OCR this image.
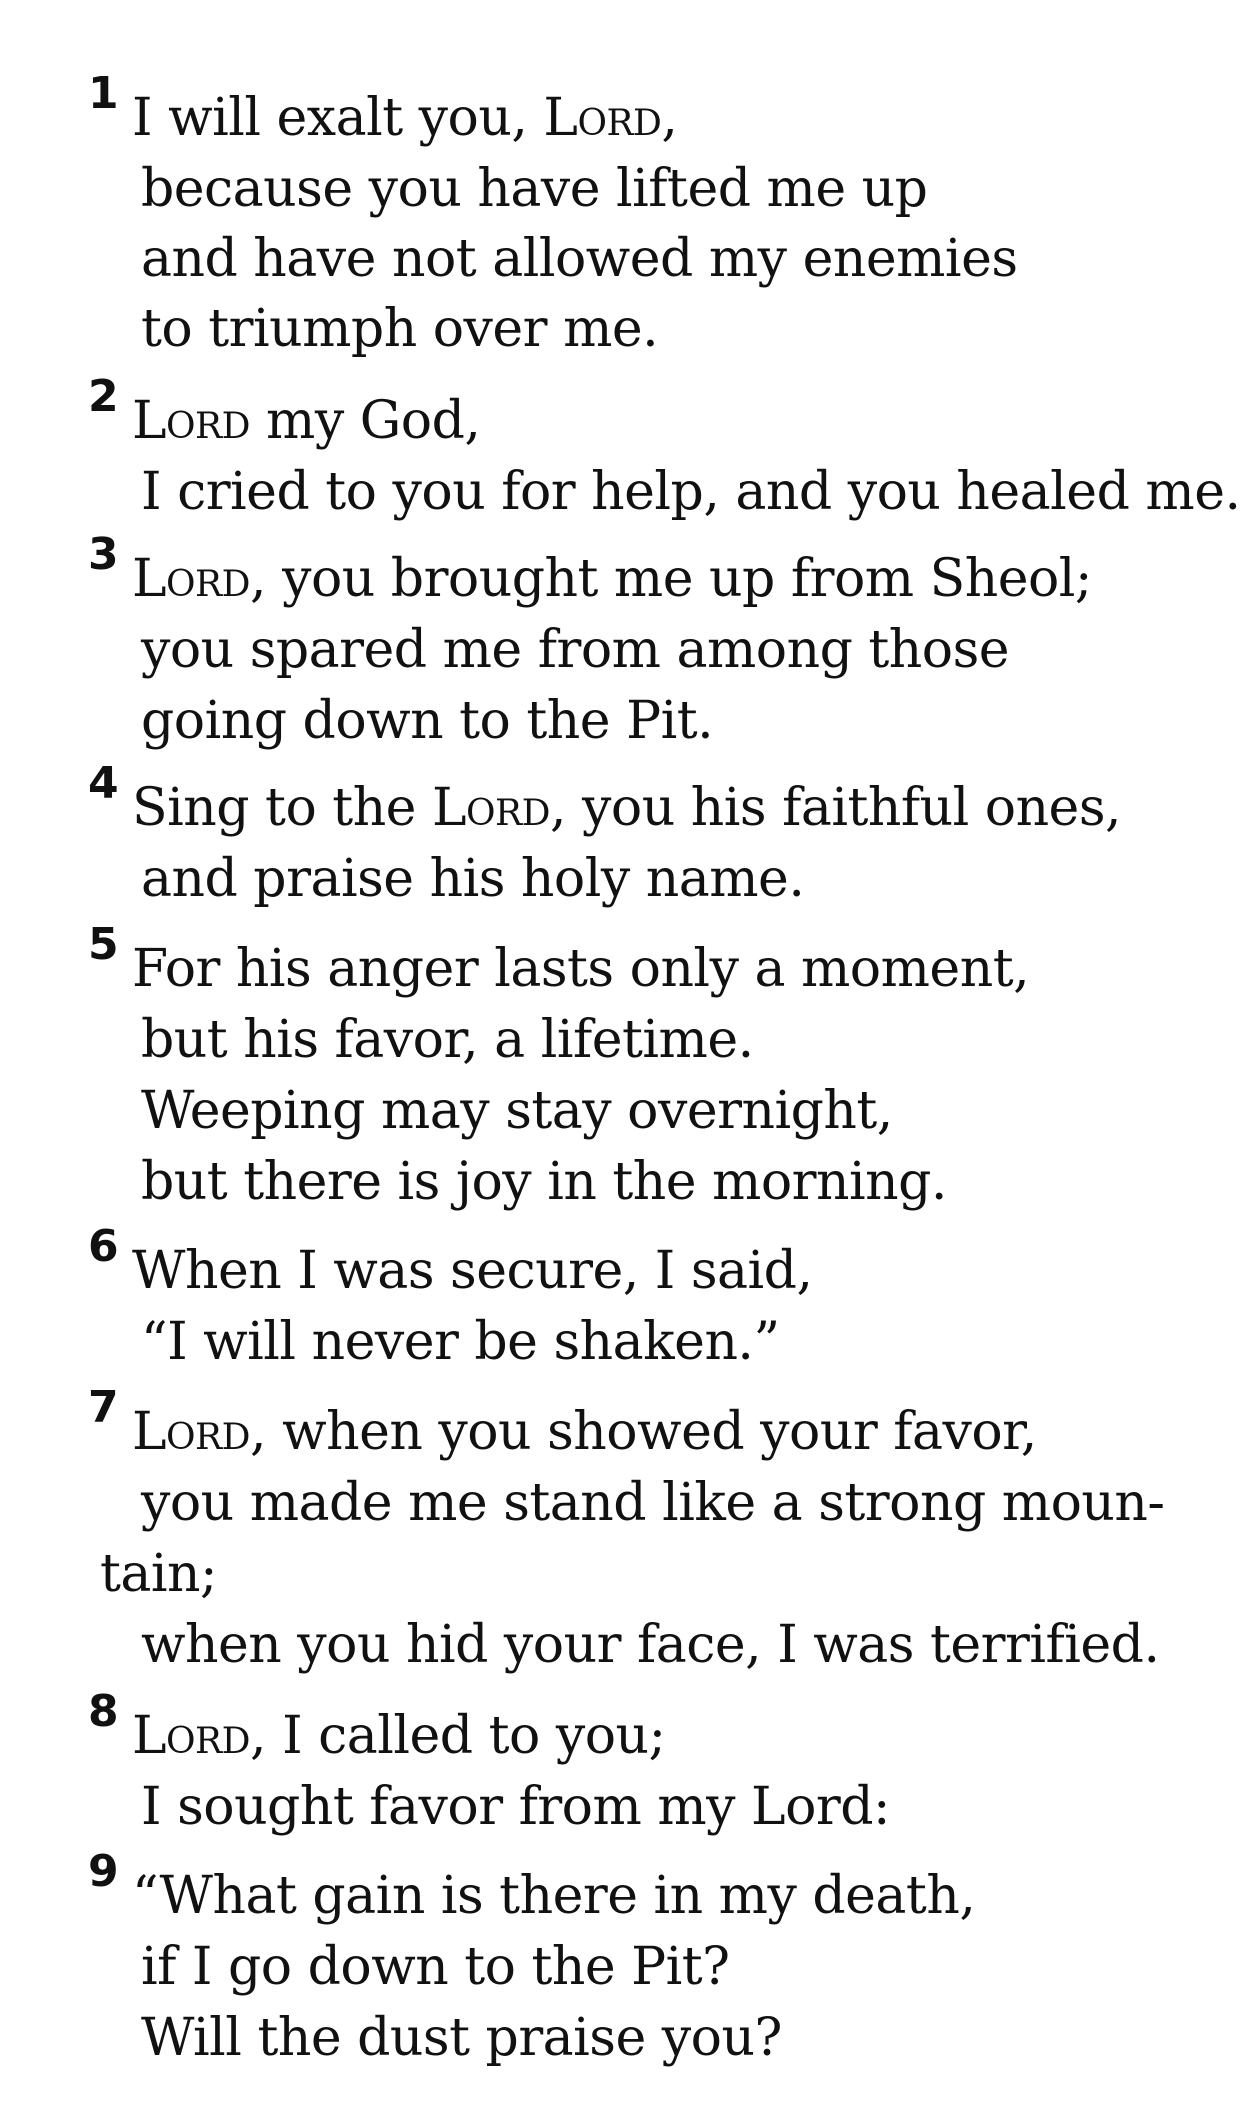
1 I will exalt you, Lord,
because you have lifted me up
and have not allowed my enemies
to triumph over me.
2 Lord my God,
I cried to you for help, and you healed me.
3 Lord, you brought me up from Sheol;
you spared me from among those
going down to the Pit.
4 Sing to the Lord, you his faithful ones,
and praise his holy name.
5 For his anger lasts only a moment,
but his favor, a lifetime.
Weeping may stay overnight,
but there is joy in the morning.
6 When I was secure, I said,
“I will never be shaken.”
7 Lord, when you showed your favor,
you made me stand like a strong moun-
tain;
when you hid your face, I was terrified.
8 Lord, I called to you;
I sought favor from my Lord:
9 “What gain is there in my death,
if I go down to the Pit?
Will the dust praise you?
